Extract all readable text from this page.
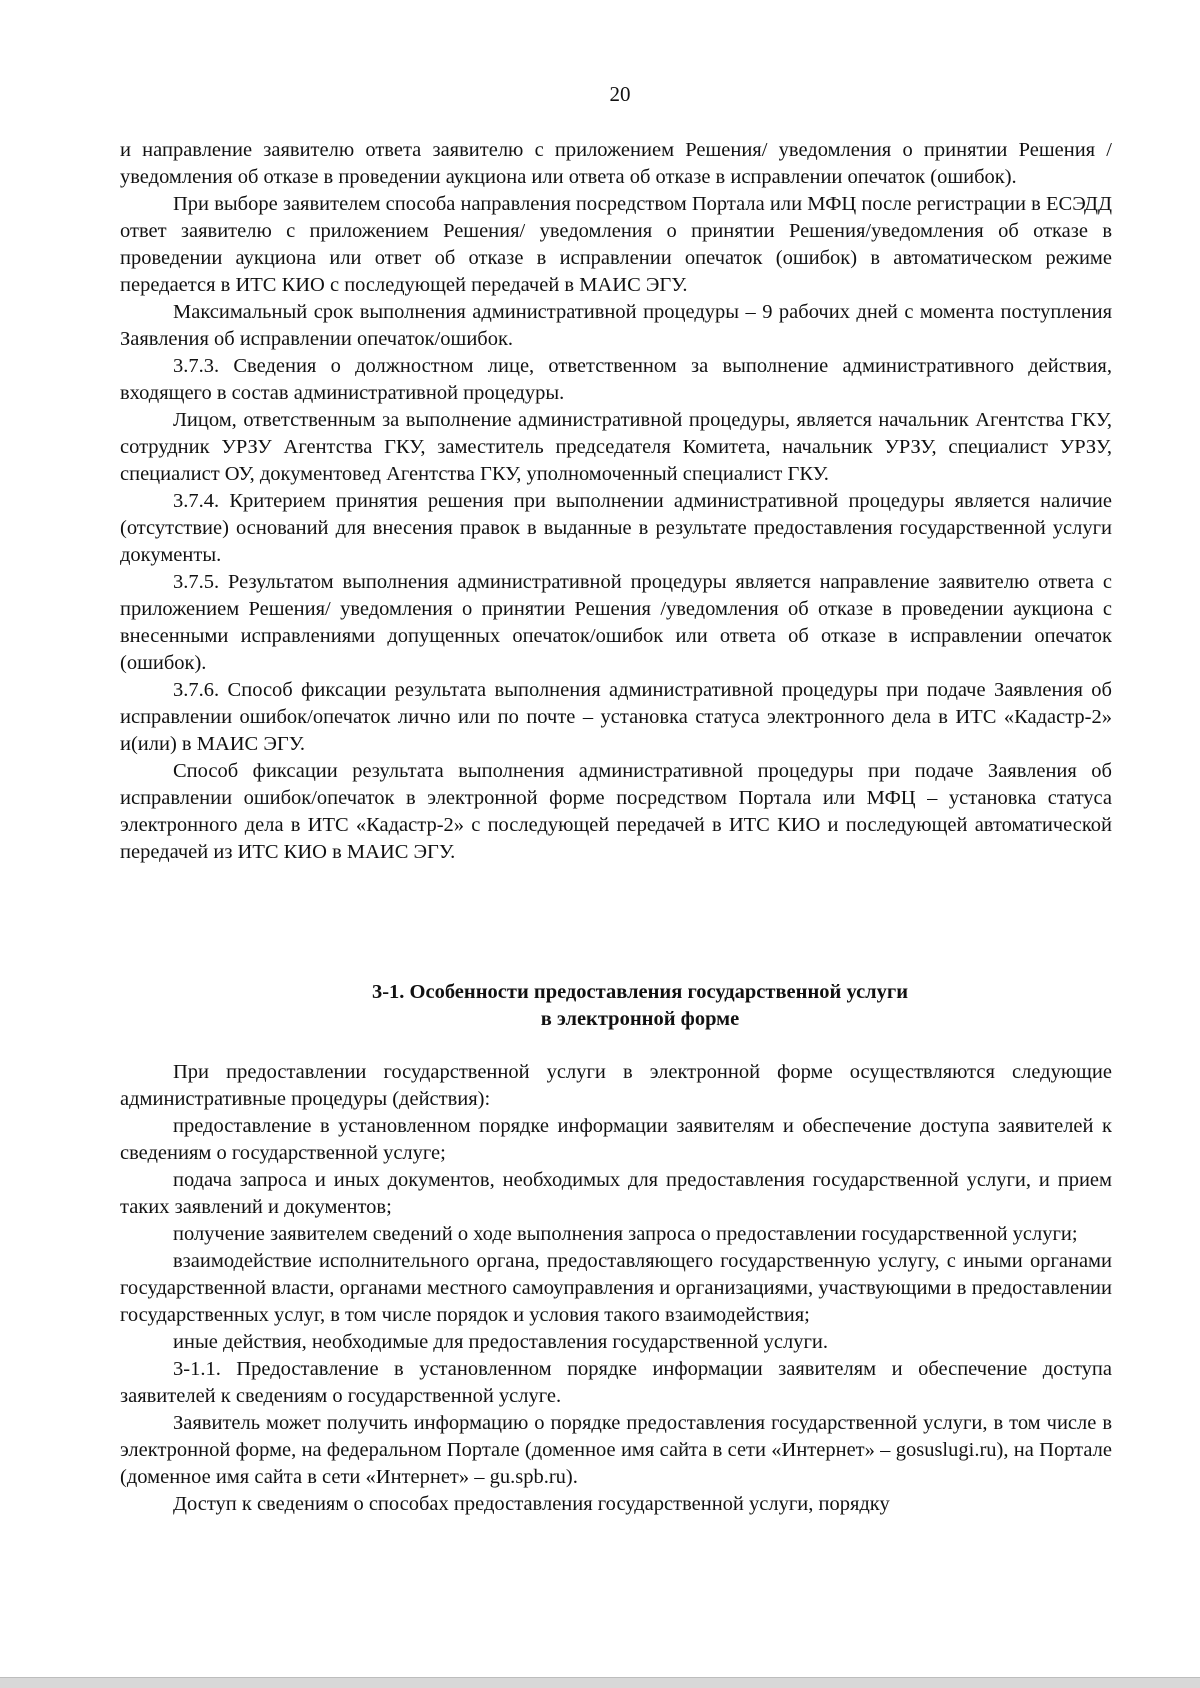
20

и направление заявителю ответа заявителю с приложением Решения/ уведомления о принятии Решения /уведомления об отказе в проведении аукциона или ответа об отказе в исправлении опечаток (ошибок).

При выборе заявителем способа направления посредством Портала или МФЦ после регистрации в ЕСЭДД ответ заявителю с приложением Решения/ уведомления о принятии Решения/уведомления об отказе в проведении аукциона или ответ об отказе в исправлении опечаток (ошибок) в автоматическом режиме передается в ИТС КИО с последующей передачей в МАИС ЭГУ.

Максимальный срок выполнения административной процедуры – 9 рабочих дней с момента поступления Заявления об исправлении опечаток/ошибок.

3.7.3. Сведения о должностном лице, ответственном за выполнение административного действия, входящего в состав административной процедуры.

Лицом, ответственным за выполнение административной процедуры, является начальник Агентства ГКУ, сотрудник УРЗУ Агентства ГКУ, заместитель председателя Комитета, начальник УРЗУ, специалист УРЗУ, специалист ОУ, документовед Агентства ГКУ, уполномоченный специалист ГКУ.

3.7.4. Критерием принятия решения при выполнении административной процедуры является наличие (отсутствие) оснований для внесения правок в выданные в результате предоставления государственной услуги документы.

3.7.5. Результатом выполнения административной процедуры является направление заявителю ответа с приложением Решения/ уведомления о принятии Решения /уведомления об отказе в проведении аукциона с внесенными исправлениями допущенных опечаток/ошибок или ответа об отказе в исправлении опечаток (ошибок).

3.7.6. Способ фиксации результата выполнения административной процедуры при подаче Заявления об исправлении ошибок/опечаток лично или по почте – установка статуса электронного дела в ИТС «Кадастр-2» и(или) в МАИС ЭГУ.

Способ фиксации результата выполнения административной процедуры при подаче Заявления об исправлении ошибок/опечаток в электронной форме посредством Портала или МФЦ – установка статуса электронного дела в ИТС «Кадастр-2» с последующей передачей в ИТС КИО и последующей автоматической передачей из ИТС КИО в МАИС ЭГУ.

3-1. Особенности предоставления государственной услуги
в электронной форме

При предоставлении государственной услуги в электронной форме осуществляются следующие административные процедуры (действия):

предоставление в установленном порядке информации заявителям и обеспечение доступа заявителей к сведениям о государственной услуге;

подача запроса и иных документов, необходимых для предоставления государственной услуги, и прием таких заявлений и документов;

получение заявителем сведений о ходе выполнения запроса о предоставлении государственной услуги;

взаимодействие исполнительного органа, предоставляющего государственную услугу, с иными органами государственной власти, органами местного самоуправления и организациями, участвующими в предоставлении государственных услуг, в том числе порядок и условия такого взаимодействия;

иные действия, необходимые для предоставления государственной услуги.

3-1.1. Предоставление в установленном порядке информации заявителям и обеспечение доступа заявителей к сведениям о государственной услуге.

Заявитель может получить информацию о порядке предоставления государственной услуги, в том числе в электронной форме, на федеральном Портале (доменное имя сайта в сети «Интернет» – gosuslugi.ru), на Портале (доменное имя сайта в сети «Интернет» – gu.spb.ru).

Доступ к сведениям о способах предоставления государственной услуги, порядку
